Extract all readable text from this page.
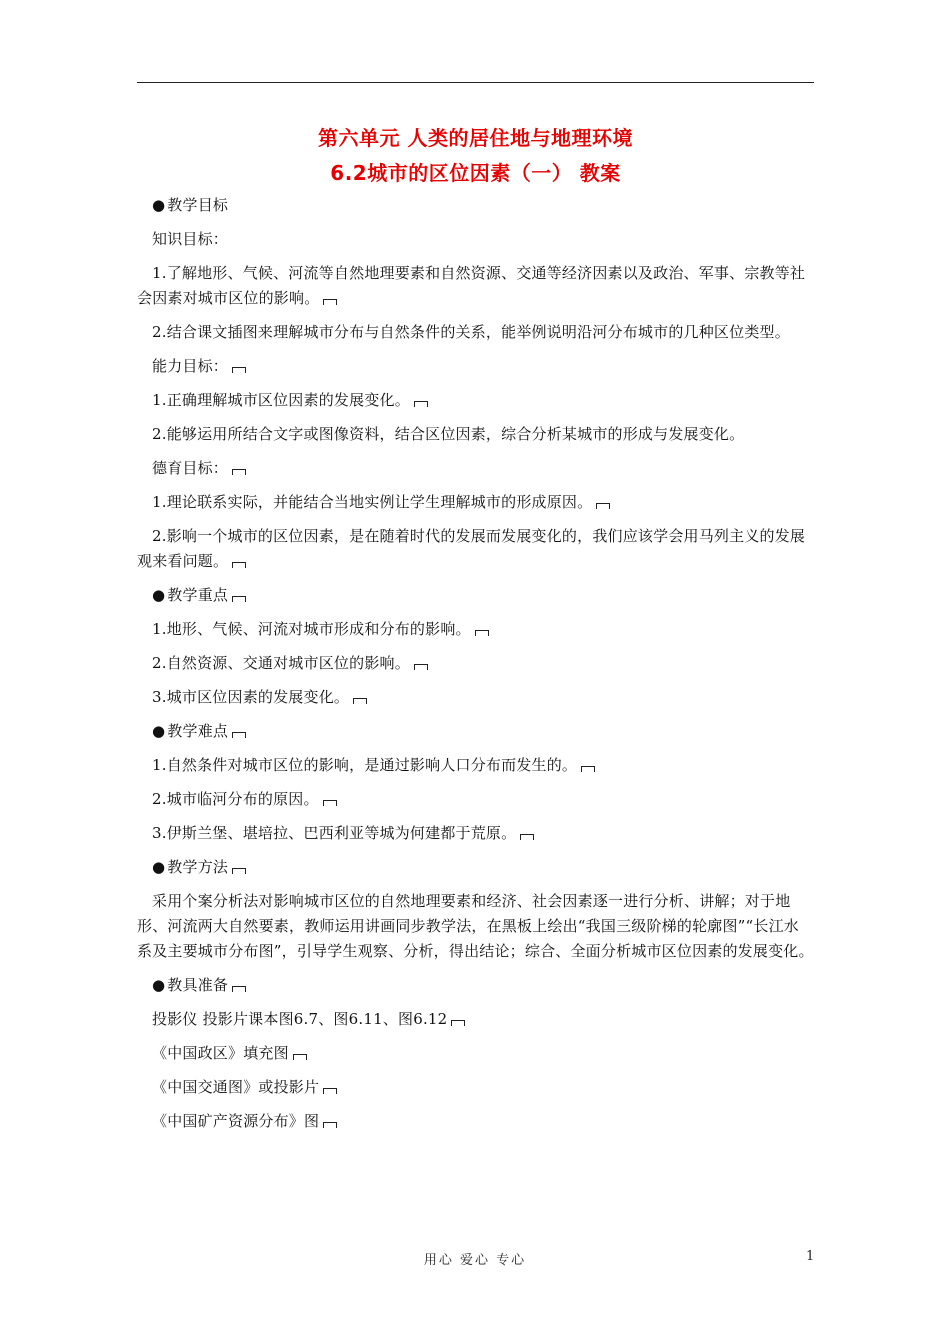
第六单元 人类的居住地与地理环境
6.2城市的区位因素（一） 教案

● 教学目标

知识目标：

1.了解地形、气候、河流等自然地理要素和自然资源、交通等经济因素以及政治、军事、宗教等社会因素对城市区位的影响。

2.结合课文插图来理解城市分布与自然条件的关系，能举例说明沿河分布城市的几种区位类型。

能力目标：

1.正确理解城市区位因素的发展变化。

2.能够运用所结合文字或图像资料，结合区位因素，综合分析某城市的形成与发展变化。

德育目标：

1.理论联系实际，并能结合当地实例让学生理解城市的形成原因。

2.影响一个城市的区位因素，是在随着时代的发展而发展变化的，我们应该学会用马列主义的发展观来看问题。

● 教学重点

1.地形、气候、河流对城市形成和分布的影响。

2.自然资源、交通对城市区位的影响。

3.城市区位因素的发展变化。

● 教学难点

1.自然条件对城市区位的影响，是通过影响人口分布而发生的。

2.城市临河分布的原因。

3.伊斯兰堡、堪培拉、巴西利亚等城为何建都于荒原。

● 教学方法

采用个案分析法对影响城市区位的自然地理要素和经济、社会因素逐一进行分析、讲解；对于地形、河流两大自然要素，教师运用讲画同步教学法，在黑板上绘出“我国三级阶梯的轮廓图”“长江水系及主要城市分布图”，引导学生观察、分析，得出结论；综合、全面分析城市区位因素的发展变化。

● 教具准备

投影仪 投影片课本图6.7、图6.11、图6.12

《中国政区》填充图

《中国交通图》或投影片

《中国矿产资源分布》图

用心 爱心 专心	1
